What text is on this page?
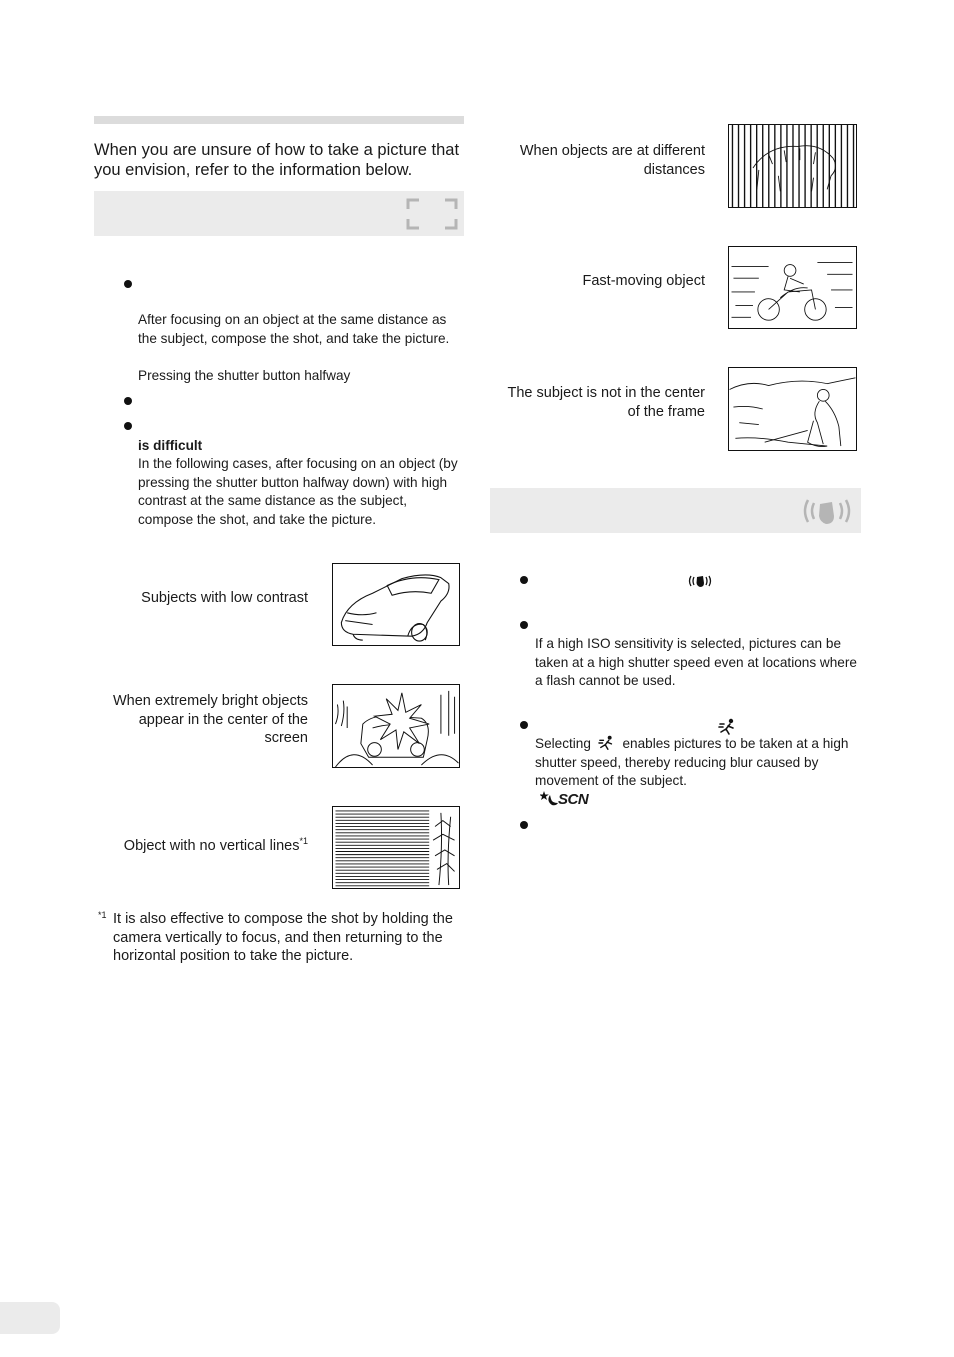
When you are unsure of how to take a picture that you envision, refer to the information below.
After focusing on an object at the same distance as the subject, compose the shot, and take the picture.
Pressing the shutter button halfway
is difficult
In the following cases, after focusing on an object (by pressing the shutter button halfway down) with high contrast at the same distance as the subject, compose the shot, and take the picture.
Subjects with low contrast
When extremely bright objects appear in the center of the screen
Object with no vertical lines$^{*1}$
*1 It is also effective to compose the shot by holding the camera vertically to focus, and then returning to the horizontal position to take the picture.
When objects are at different distances
Fast-moving object
The subject is not in the center of the frame
If a high ISO sensitivity is selected, pictures can be taken at a high shutter speed even at locations where a flash cannot be used.
Selecting enables pictures to be taken at a high shutter speed, thereby reducing blur caused by movement of the subject.
SCN
